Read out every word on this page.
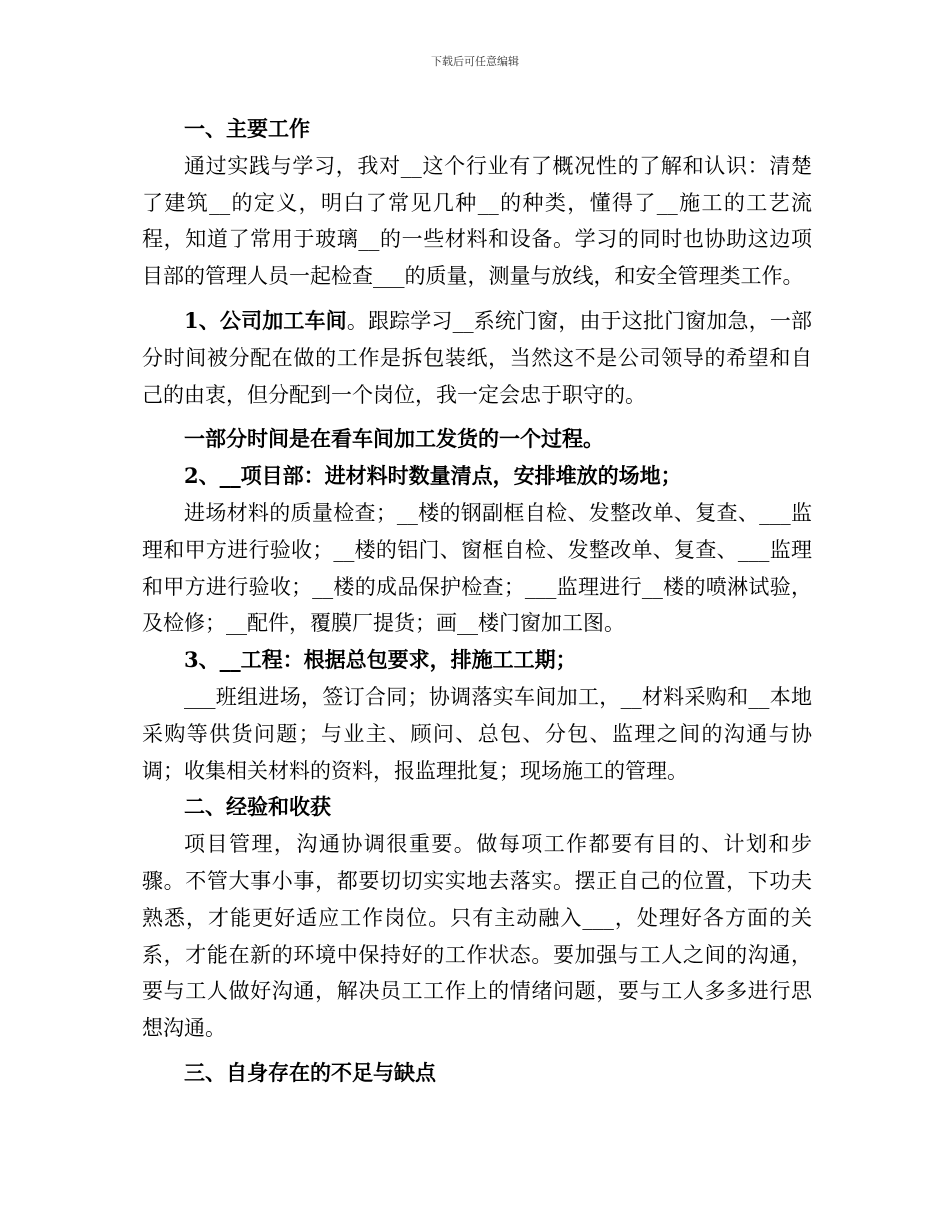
下载后可任意编辑
一、主要工作
通过实践与学习，我对__这个行业有了概况性的了解和认识：清楚了建筑__的定义，明白了常见几种__的种类，懂得了__施工的工艺流程，知道了常用于玻璃__的一些材料和设备。学习的同时也协助这边项目部的管理人员一起检查___的质量，测量与放线，和安全管理类工作。
1、公司加工车间。跟踪学习__系统门窗，由于这批门窗加急，一部分时间被分配在做的工作是拆包装纸，当然这不是公司领导的希望和自己的由衷，但分配到一个岗位，我一定会忠于职守的。
一部分时间是在看车间加工发货的一个过程。
2、__项目部：进材料时数量清点，安排堆放的场地；
进场材料的质量检查；__楼的钢副框自检、发整改单、复查、___监理和甲方进行验收；__楼的铝门、窗框自检、发整改单、复查、___监理和甲方进行验收；__楼的成品保护检查；___监理进行__楼的喷淋试验，及检修；__配件，覆膜厂提货；画__楼门窗加工图。
3、__工程：根据总包要求，排施工工期；
___班组进场，签订合同；协调落实车间加工，__材料采购和__本地采购等供货问题；与业主、顾问、总包、分包、监理之间的沟通与协调；收集相关材料的资料，报监理批复；现场施工的管理。
二、经验和收获
项目管理，沟通协调很重要。做每项工作都要有目的、计划和步骤。不管大事小事，都要切切实实地去落实。摆正自己的位置，下功夫熟悉，才能更好适应工作岗位。只有主动融入___，处理好各方面的关系，才能在新的环境中保持好的工作状态。要加强与工人之间的沟通，要与工人做好沟通，解决员工工作上的情绪问题，要与工人多多进行思想沟通。
三、自身存在的不足与缺点
